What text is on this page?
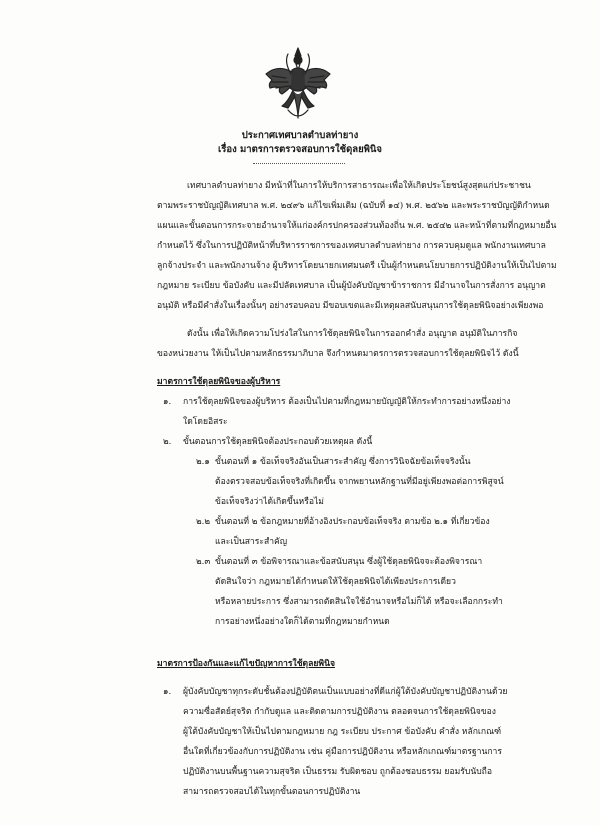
ประกาศเทศบาลตำบลท่ายาง
เรื่อง มาตรการตรวจสอบการใช้ดุลยพินิจ
เทศบาลตำบลท่ายาง มีหน้าที่ในการให้บริการสาธารณะเพื่อให้เกิดประโยชน์สูงสุดแก่ประชาชน
ตามพระราชบัญญัติเทศบาล พ.ศ. ๒๔๙๖ แก้ไขเพิ่มเติม (ฉบับที่ ๑๔) พ.ศ. ๒๕๖๒ และพระราชบัญญัติกำหนด
แผนและขั้นตอนการกระจายอำนาจให้แก่องค์กรปกครองส่วนท้องถิ่น พ.ศ. ๒๕๔๒ และหน้าที่ตามที่กฎหมายอื่น
กำหนดไว้ ซึ่งในการปฏิบัติหน้าที่บริหารราชการของเทศบาลตำบลท่ายาง การควบคุมดูแล พนักงานเทศบาล
ลูกจ้างประจำ และพนักงานจ้าง ผู้บริหารโดยนายกเทศมนตรี เป็นผู้กำหนดนโยบายการปฏิบัติงานให้เป็นไปตาม
กฎหมาย ระเบียบ ข้อบังคับ และมีปลัดเทศบาล เป็นผู้บังคับบัญชาข้าราชการ มีอำนาจในการสั่งการ อนุญาต
อนุมัติ หรือมีคำสั่งในเรื่องนั้นๆ อย่างรอบคอบ มีขอบเขตและมีเหตุผลสนับสนุนการใช้ดุลยพินิจอย่างเพียงพอ
ดังนั้น เพื่อให้เกิดความโปร่งใสในการใช้ดุลยพินิจในการออกคำสั่ง อนุญาต อนุมัติในภารกิจ
ของหน่วยงาน ให้เป็นไปตามหลักธรรมาภิบาล จึงกำหนดมาตรการตรวจสอบการใช้ดุลยพินิจไว้ ดังนี้
มาตรการใช้ดุลยพินิจของผู้บริหาร
๑. การใช้ดุลยพินิจของผู้บริหาร ต้องเป็นไปตามที่กฎหมายบัญญัติให้กระทำการอย่างหนึ่งอย่าง
ใดโดยอิสระ
๒. ขั้นตอนการใช้ดุลยพินิจต้องประกอบด้วยเหตุผล ดังนี้
๒.๑ ขั้นตอนที่ ๑ ข้อเท็จจริงอันเป็นสาระสำคัญ ซึ่งการวินิจฉัยข้อเท็จจริงนั้น
ต้องตรวจสอบข้อเท็จจริงที่เกิดขึ้น จากพยานหลักฐานที่มีอยู่เพียงพอต่อการพิสูจน์
ข้อเท็จจริงว่าได้เกิดขึ้นหรือไม่
๒.๒ ขั้นตอนที่ ๒ ข้อกฎหมายที่อ้างอิงประกอบข้อเท็จจริง ตามข้อ ๒.๑ ที่เกี่ยวข้อง
และเป็นสาระสำคัญ
๒.๓ ขั้นตอนที่ ๓ ข้อพิจารณาและข้อสนับสนุน ซึ่งผู้ใช้ดุลยพินิจจะต้องพิจารณา
ตัดสินใจว่า กฎหมายได้กำหนดให้ใช้ดุลยพินิจได้เพียงประการเดียว
หรือหลายประการ ซึ่งสามารถตัดสินใจใช้อำนาจหรือไม่ก็ได้ หรือจะเลือกกระทำ
การอย่างหนึ่งอย่างใดก็ได้ตามที่กฎหมายกำหนด
มาตรการป้องกันและแก้ไขปัญหาการใช้ดุลยพินิจ
๑. ผู้บังคับบัญชาทุกระดับชั้นต้องปฏิบัติตนเป็นแบบอย่างที่ดีแก่ผู้ใต้บังคับบัญชาปฏิบัติงานด้วย
ความซื่อสัตย์สุจริต กำกับดูแล และติดตามการปฏิบัติงาน ตลอดจนการใช้ดุลยพินิจของ
ผู้ใต้บังคับบัญชาให้เป็นไปตามกฎหมาย กฎ ระเบียบ ประกาศ ข้อบังคับ คำสั่ง หลักเกณฑ์
อื่นใดที่เกี่ยวข้องกับการปฏิบัติงาน เช่น คู่มือการปฏิบัติงาน หรือหลักเกณฑ์มาตรฐานการ
ปฏิบัติงานบนพื้นฐานความสุจริต เป็นธรรม รับผิดชอบ ถูกต้องชอบธรรม ยอมรับนับถือ
สามารถตรวจสอบได้ในทุกขั้นตอนการปฏิบัติงาน
